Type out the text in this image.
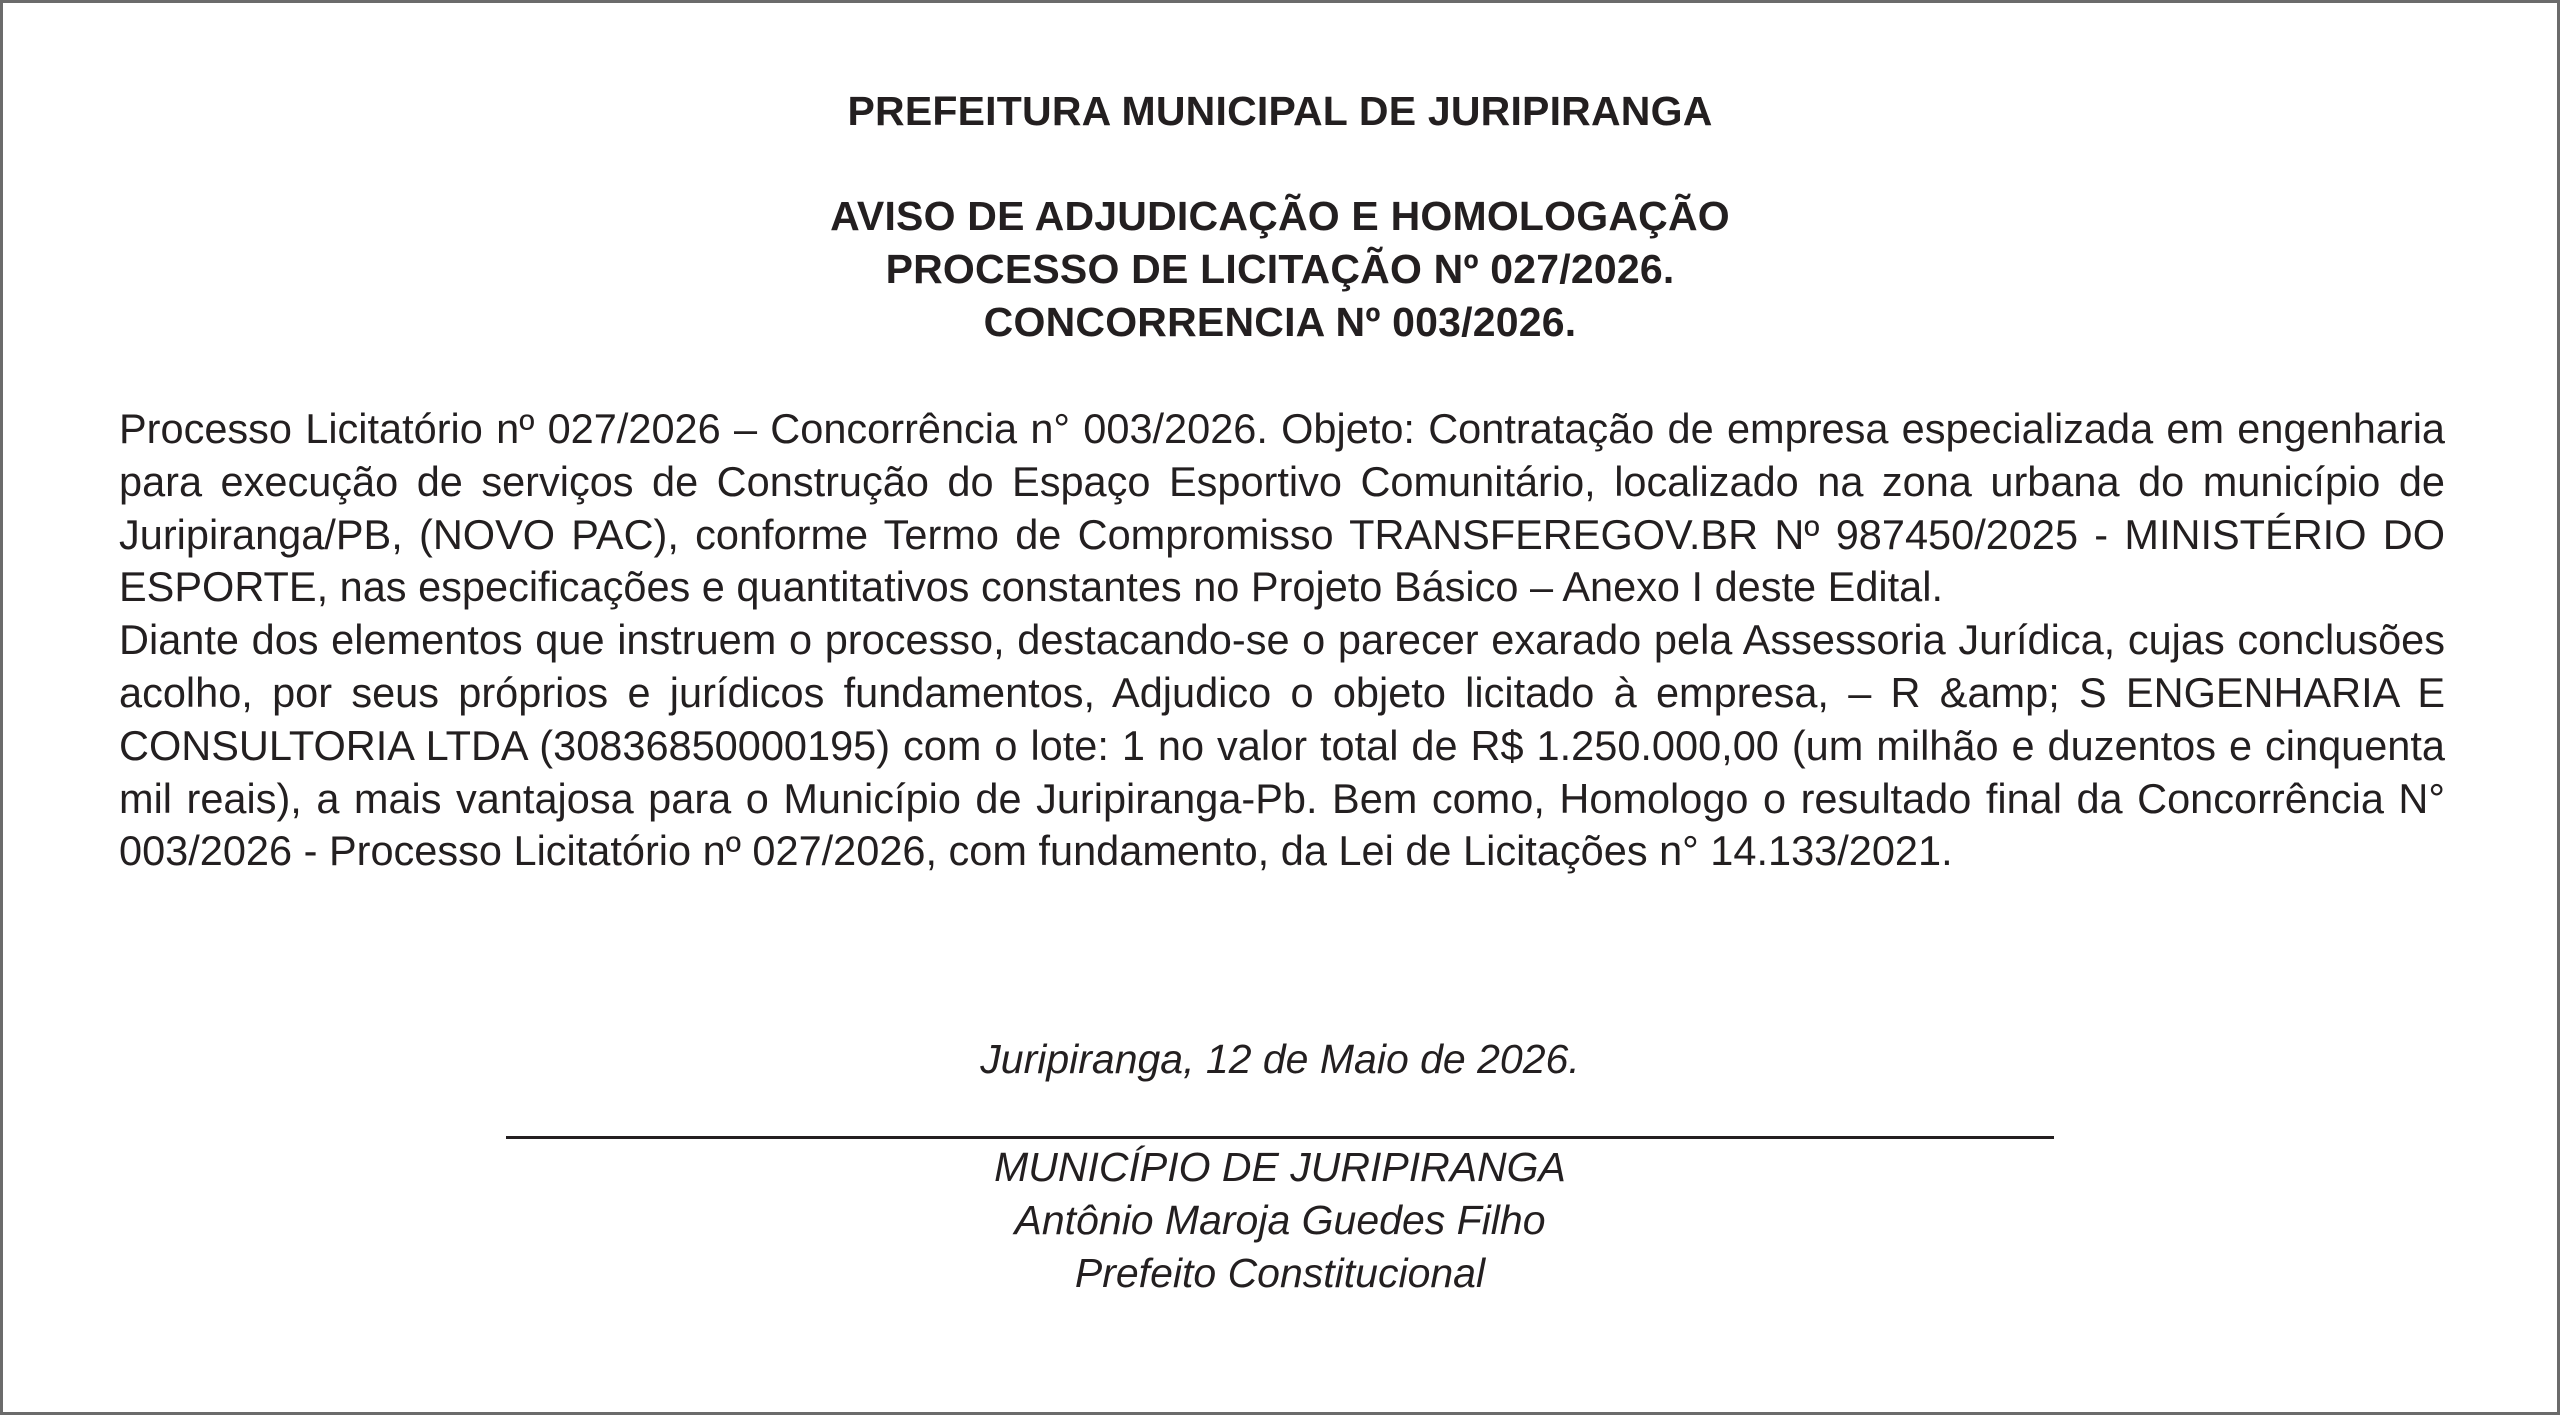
PREFEITURA MUNICIPAL DE JURIPIRANGA
AVISO DE ADJUDICAÇÃO E HOMOLOGAÇÃO
PROCESSO DE LICITAÇÃO Nº 027/2026.
CONCORRENCIA Nº 003/2026.

Processo Licitatório nº 027/2026 – Concorrência n° 003/2026. Objeto: Contratação de empresa especializada em engenharia para execução de serviços de Construção do Espaço Esportivo Comunitário, localizado na zona urbana do município de Juripiranga/PB, (NOVO PAC), conforme Termo de Compromisso TRANSFEREGOV.BR Nº 987450/2025 - MINISTÉRIO DO ESPORTE, nas especificações e quantitativos constantes no Projeto Básico – Anexo I deste Edital.

Diante dos elementos que instruem o processo, destacando-se o parecer exarado pela Assessoria Jurídica, cujas conclusões acolho, por seus próprios e jurídicos fundamentos, Adjudico o objeto licitado à empresa, – R &amp; S ENGENHARIA E CONSULTORIA LTDA (30836850000195) com o lote: 1 no valor total de R$ 1.250.000,00 (um milhão e duzentos e cinquenta mil reais), a mais vantajosa para o Município de Juripiranga-Pb. Bem como, Homologo o resultado final da Concorrência N° 003/2026 - Processo Licitatório nº 027/2026, com fundamento, da Lei de Licitações n° 14.133/2021.

Juripiranga, 12 de Maio de 2026.
MUNICÍPIO DE JURIPIRANGA
Antônio Maroja Guedes Filho
Prefeito Constitucional
